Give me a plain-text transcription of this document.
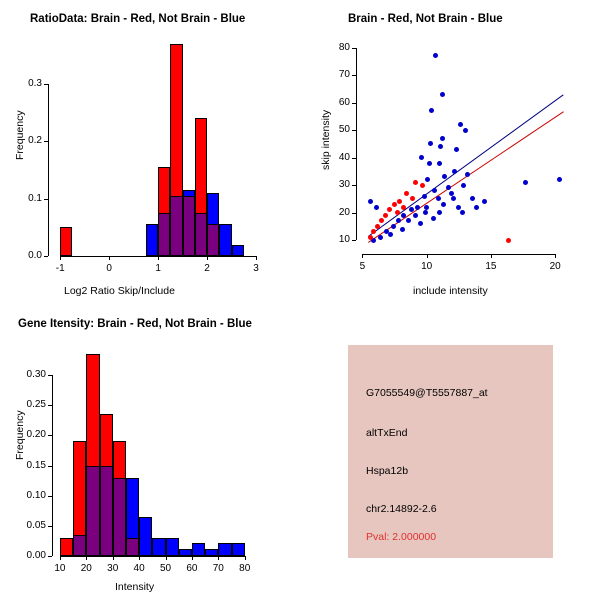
RatioData: Brain - Red, Not Brain - Blue
-1	0	1	2	3
0.0
0.1
0.2
0.3
Log2 Ratio Skip/Include
Frequency
Brain - Red, Not Brain - Blue
5	10	15	20
10
20
30
40
50
60
70
80
include intensity
skip intensity
Gene Itensity: Brain - Red, Not Brain - Blue
10	20	30	40	50	60	70	80
0.00
0.05
0.10
0.15
0.20
0.25
0.30
Intensity
Frequency
G7055549@T5557887_at
altTxEnd
Hspa12b
chr2.14892-2.6
Pval: 2.000000
